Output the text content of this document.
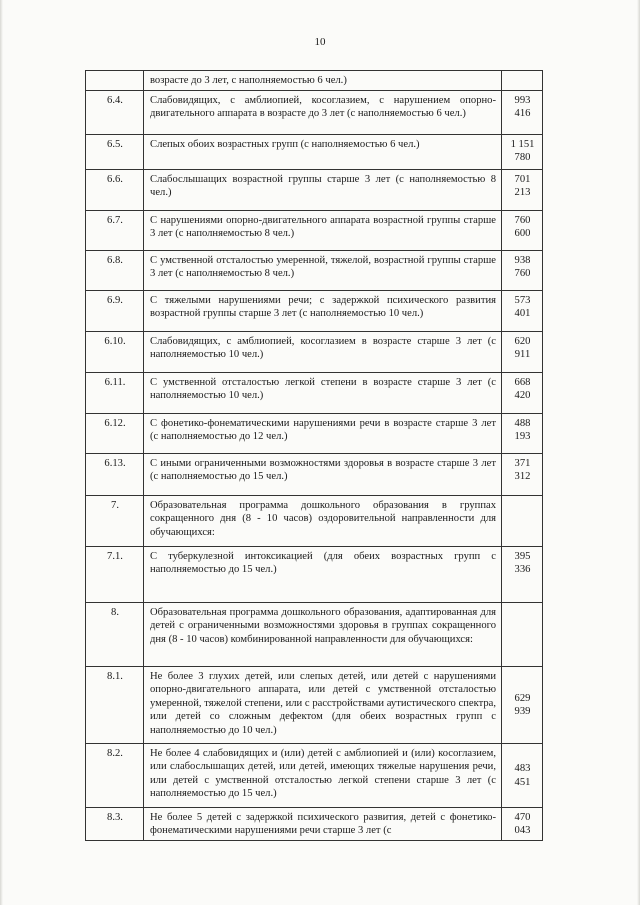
10
	возрасте до 3 лет, с наполняемостью 6 чел.)	
6.4.	Слабовидящих, с амблиопией, косоглазием, с нарушением опорно-двигательного аппарата в возрасте до 3 лет (с наполняемостью 6 чел.)	993 416
6.5.	Слепых обоих возрастных групп (с наполняемостью 6 чел.)	1 151 780
6.6.	Слабослышащих возрастной группы старше 3 лет (с наполняемостью 8 чел.)	701 213
6.7.	С нарушениями опорно-двигательного аппарата возрастной группы старше 3 лет (с наполняемостью 8 чел.)	760 600
6.8.	С умственной отсталостью умеренной, тяжелой, возрастной группы старше 3 лет (с наполняемостью 8 чел.)	938 760
6.9.	С тяжелыми нарушениями речи; с задержкой психического развития возрастной группы старше 3 лет (с наполняемостью 10 чел.)	573 401
6.10.	Слабовидящих, с амблиопией, косоглазием в возрасте старше 3 лет (с наполняемостью 10 чел.)	620 911
6.11.	С умственной отсталостью легкой степени в возрасте старше 3 лет (с наполняемостью 10 чел.)	668 420
6.12.	С фонетико-фонематическими нарушениями речи в возрасте старше 3 лет (с наполняемостью до 12 чел.)	488 193
6.13.	С иными ограниченными возможностями здоровья в возрасте старше 3 лет (с наполняемостью до 15 чел.)	371 312
7.	Образовательная программа дошкольного образования в группах сокращенного дня (8 - 10 часов) оздоровительной направленности для обучающихся:	
7.1.	С туберкулезной интоксикацией (для обеих возрастных групп с наполняемостью до 15 чел.)	395 336
8.	Образовательная программа дошкольного образования, адаптированная для детей с ограниченными возможностями здоровья в группах сокращенного дня (8 - 10 часов) комбинированной направленности для обучающихся:	
8.1.	Не более 3 глухих детей, или слепых детей, или детей с нарушениями опорно-двигательного аппарата, или детей с умственной отсталостью умеренной, тяжелой степени, или с расстройствами аутистического спектра, или детей со сложным дефектом (для обеих возрастных групп с наполняемостью до 10 чел.)	629 939
8.2.	Не более 4 слабовидящих и (или) детей с амблиопией и (или) косоглазием, или слабослышащих детей, или детей, имеющих тяжелые нарушения речи, или детей с умственной отсталостью легкой степени старше 3 лет (с наполняемостью до 15 чел.)	483 451
8.3.	Не более 5 детей с задержкой психического развития, детей с фонетико-фонематическими нарушениями речи старше 3 лет (с	470 043
